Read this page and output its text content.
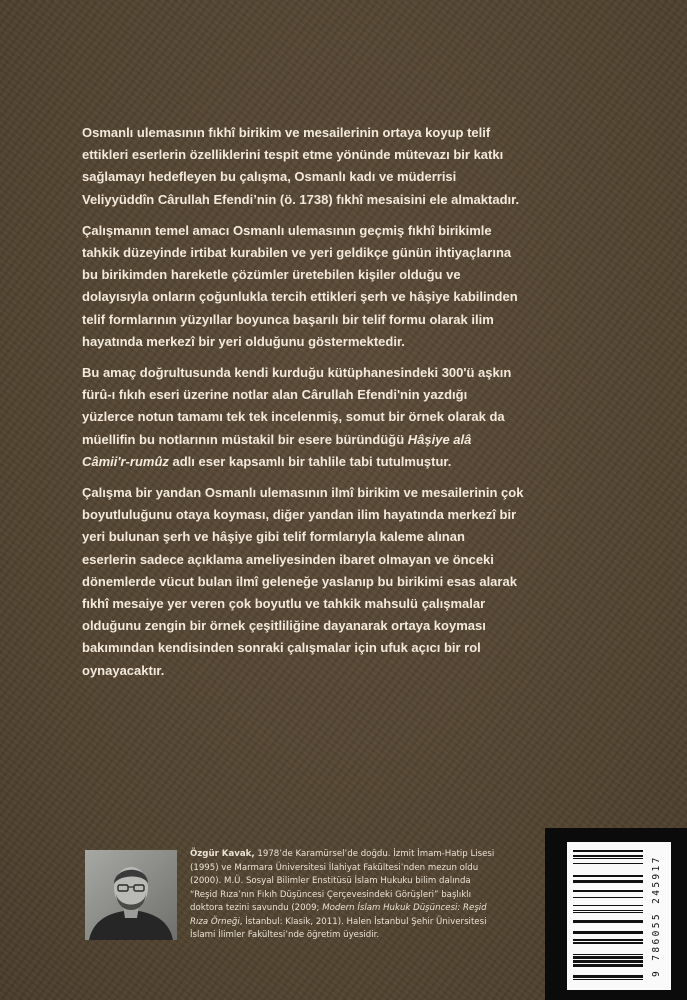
Osmanlı ulemasının fıkhî birikim ve mesailerinin ortaya koyup telif
ettikleri eserlerin özelliklerini tespit etme yönünde mütevazı bir katkı
sağlamayı hedefleyen bu çalışma, Osmanlı kadı ve müderrisi
Veliyyüddîn Cârullah Efendi’nin (ö. 1738) fıkhî mesaisini ele almaktadır.

Çalışmanın temel amacı Osmanlı ulemasının geçmiş fıkhî birikimle
tahkik düzeyinde irtibat kurabilen ve yeri geldikçe günün ihtiyaçlarına
bu birikimden hareketle çözümler üretebilen kişiler olduğu ve
dolayısıyla onların çoğunlukla tercih ettikleri şerh ve hâşiye kabilinden
telif formlarının yüzyıllar boyunca başarılı bir telif formu olarak ilim
hayatında merkezî bir yeri olduğunu göstermektedir.

Bu amaç doğrultusunda kendi kurduğu kütüphanesindeki 300'ü aşkın
fürû-ı fıkıh eseri üzerine notlar alan Cârullah Efendi'nin yazdığı
yüzlerce notun tamamı tek tek incelenmiş, somut bir örnek olarak da
müellifin bu notlarının müstakil bir esere büründüğü Hâşiye alâ
Câmii'r-rumûz adlı eser kapsamlı bir tahlile tabi tutulmuştur.

Çalışma bir yandan Osmanlı ulemasının ilmî birikim ve mesailerinin çok
boyutluluğunu otaya koyması, diğer yandan ilim hayatında merkezî bir
yeri bulunan şerh ve hâşiye gibi telif formlarıyla kaleme alınan
eserlerin sadece açıklama ameliyesinden ibaret olmayan ve önceki
dönemlerde vücut bulan ilmî geleneğe yaslanıp bu birikimi esas alarak
fıkhî mesaiye yer veren çok boyutlu ve tahkik mahsulü çalışmalar
olduğunu zengin bir örnek çeşitliliğine dayanarak ortaya koyması
bakımından kendisinden sonraki çalışmalar için ufuk açıcı bir rol
oynayacaktır.

Özgür Kavak, 1978’de Karamürsel’de doğdu. İzmit İmam-Hatip Lisesi
(1995) ve Marmara Üniversitesi İlahiyat Fakültesi’nden mezun oldu
(2000). M.Ü. Sosyal Bilimler Enstitüsü İslam Hukuku bilim dalında
“Reşid Rıza’nın Fıkıh Düşüncesi Çerçevesindeki Görüşleri” başlıklı
doktora tezini savundu (2009; Modern İslam Hukuk Düşüncesi: Reşid
Rıza Örneği, İstanbul: Klasik, 2011). Halen İstanbul Şehir Üniversitesi
İslami İlimler Fakültesi’nde öğretim üyesidir.	9 786055 245917
